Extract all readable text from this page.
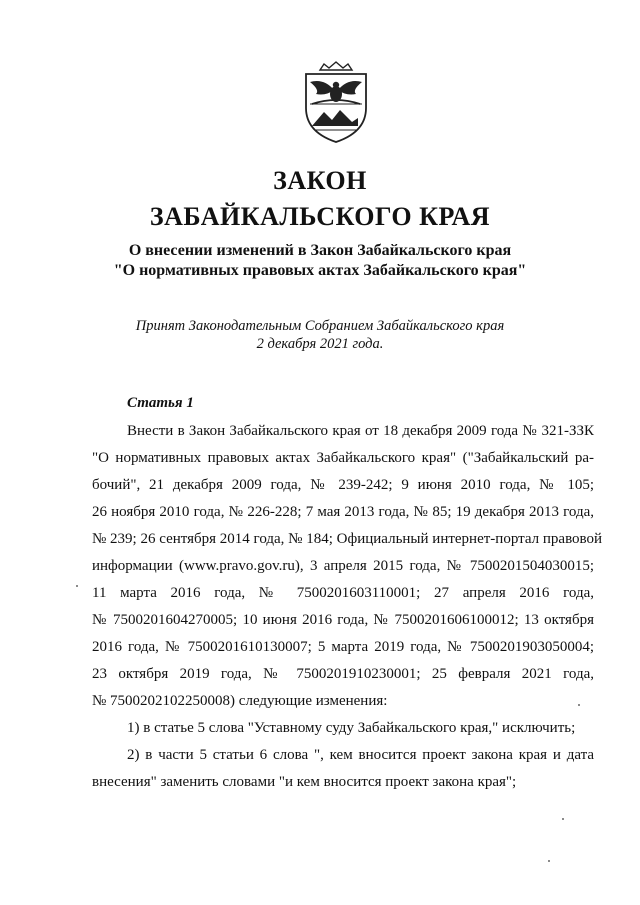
ЗАКОН
ЗАБАЙКАЛЬСКОГО КРАЯ
О внесении изменений в Закон Забайкальского края
"О нормативных правовых актах Забайкальского края"
Принят Законодательным Собранием Забайкальского края
2 декабря 2021 года.
Статья 1
Внести в Закон Забайкальского края от 18 декабря 2009 года № 321-ЗЗК
"О нормативных правовых актах Забайкальского края" ("Забайкальский ра-
бочий", 21 декабря 2009 года, № 239-242; 9 июня 2010 года, № 105;
26 ноября 2010 года, № 226-228; 7 мая 2013 года, № 85; 19 декабря 2013 года,
№ 239; 26 сентября 2014 года, № 184; Официальный интернет-портал правовой
информации (www.pravo.gov.ru), 3 апреля 2015 года, № 7500201504030015;
11 марта 2016 года, № 7500201603110001; 27 апреля 2016 года,
№ 7500201604270005; 10 июня 2016 года, № 7500201606100012; 13 октября
2016 года, № 7500201610130007; 5 марта 2019 года, № 7500201903050004;
23 октября 2019 года, № 7500201910230001; 25 февраля 2021 года,
№ 7500202102250008) следующие изменения:
1) в статье 5 слова "Уставному суду Забайкальского края," исключить;
2) в части 5 статьи 6 слова ", кем вносится проект закона края и дата
внесения" заменить словами "и кем вносится проект закона края";
